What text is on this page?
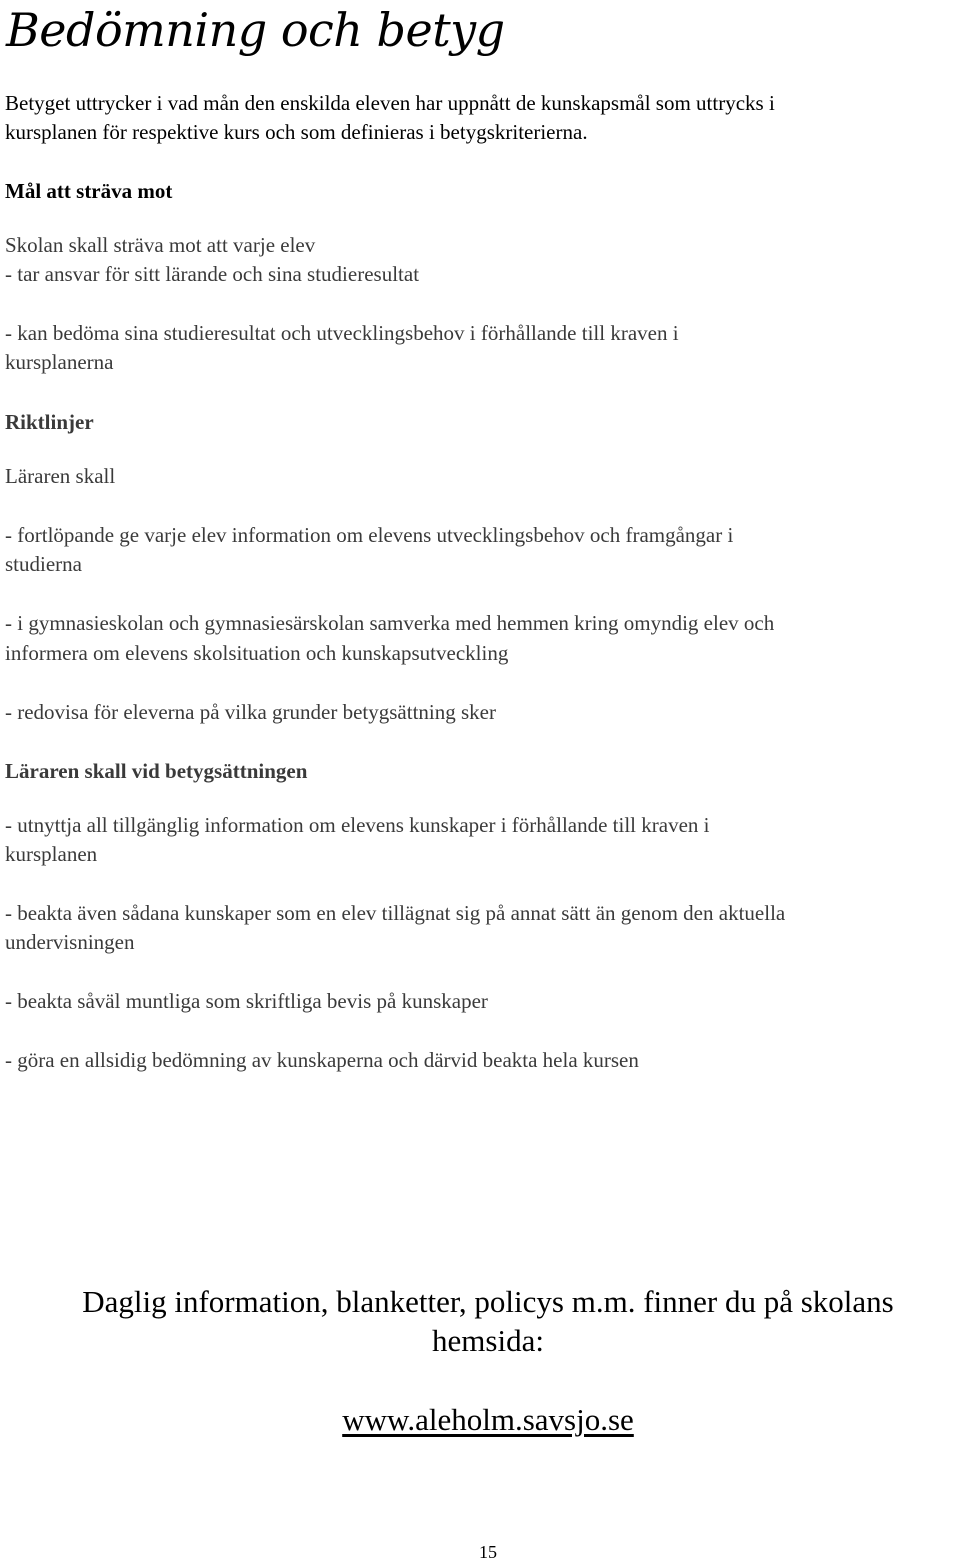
Bedömning och betyg

Betyget uttrycker i vad mån den enskilda eleven har uppnått de kunskapsmål som uttrycks i

kursplanen för respektive kurs och som definieras i betygskriterierna.

Mål att sträva mot

Skolan skall sträva mot att varje elev

- tar ansvar för sitt lärande och sina studieresultat

- kan bedöma sina studieresultat och utvecklingsbehov i förhållande till kraven i

kursplanerna

Riktlinjer

Läraren skall

- fortlöpande ge varje elev information om elevens utvecklingsbehov och framgångar i

studierna

- i gymnasieskolan och gymnasiesärskolan samverka med hemmen kring omyndig elev och

informera om elevens skolsituation och kunskapsutveckling

- redovisa för eleverna på vilka grunder betygsättning sker

Läraren skall vid betygsättningen

- utnyttja all tillgänglig information om elevens kunskaper i förhållande till kraven i

kursplanen

- beakta även sådana kunskaper som en elev tillägnat sig på annat sätt än genom den aktuella

undervisningen

- beakta såväl muntliga som skriftliga bevis på kunskaper

- göra en allsidig bedömning av kunskaperna och därvid beakta hela kursen

Daglig information, blanketter, policys m.m. finner du på skolans

hemsida:

www.aleholm.savsjo.se

15
